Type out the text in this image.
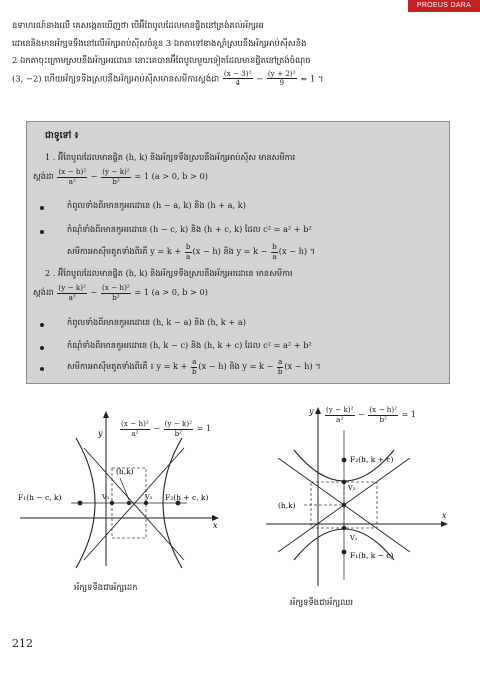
PROEUS DARA

ឧទាហរណ៍ខាងលើ គេសង្កេតឃើញថា បើអ៊ីពែបូលដែលមានផ្ចិតនៅត្រង់គល់អ័ក្សអរ

ដោនេនិងមានអ័ក្សទទឹងនៅលើអ័ក្សអាប់ស៊ីសចំនួន 3 ឯកតាទៅខាងស្តាំស្របនឹងអ័ក្សអាប់ស៊ីសនិង

2 ឯកតាចុះក្រោមស្របនឹងអ័ក្សអរដោនេ នោះគេបានអ៊ីពែបូលមួយទៀតដែលមានផ្ចិតនៅត្រង់ចំណុច

(3, −2) ហើយអ័ក្សទទឹងស្របនឹងអ័ក្សអាប់ស៊ីសមានសមីការស្តង់ដា $\frac{\text{(x − 3)²}}{4} - \frac{\text{(y + 2)²}}{9} = 1$ ។

ជាទូទៅ ៖
1 . អ៊ីពែបូលដែលមានផ្ចិត (h, k) និងអ័ក្សទទឹងស្របនឹងអ័ក្សអាប់ស៊ីស មានសមីការ
ស្តង់ដា $\frac{\text{(x − h)²}}{\text{a²}} - \frac{\text{(y − k)²}}{\text{b²}} = 1$ (a > 0, b > 0)
កំពូលទាំងពីរមានកូអរដោនេ (h − a, k) និង (h + a, k)
កំណុំទាំងពីរមានកូអរដោនេ (h − c, k) និង (h + c, k) ដែល c² = a² + b²
សមីការអាស៊ីមតូតទាំងពីរគឺ $y = k + \frac{b}{a} (x - h)$ និង $y = k - \frac{b}{a} (x - h)$ ។
2 . អ៊ីពែបូលដែលមានផ្ចិត (h, k) និងអ័ក្សទទឹងស្របនឹងអ័ក្សអរដោនេ មានសមីការ
ស្តង់ដា $\frac{\text{(y − k)²}}{\text{a²}} - \frac{\text{(x − h)²}}{\text{b²}} = 1$ (a > 0, b > 0)
កំពូលទាំងពីរមានកូអរដោនេ (h, k − a) និង (h, k + a)
កំណុំទាំងពីរមានកូអរដោនេ (h, k − c) និង (h, k + c) ដែល c² = a² + b²
សមីការអាស៊ីមតូតទាំងពីរគឺ ៖ $y = k + \frac{a}{b} (x - h)$ និង $y = k - \frac{a}{b} (x - h)$ ។
y
x
(h,k)
F₁(h − c, k)	V₁	V₂ F₂(h + c, k)
$\frac{\text{(x − h)²}}{\text{a²}} - \frac{\text{(y − k)²}}{\text{b²}} = 1$
អ័ក្សទទឹងជាអ័ក្សដេក
y
x
(h,k)
F₂(h, k + c)
V₂
V₁
F₁(h, k − c)
$\frac{\text{(y − k)²}}{\text{a²}} - \frac{\text{(x − h)²}}{\text{b²}} = 1$
អ័ក្សទទឹងជាអ័ក្សឈរ
212
